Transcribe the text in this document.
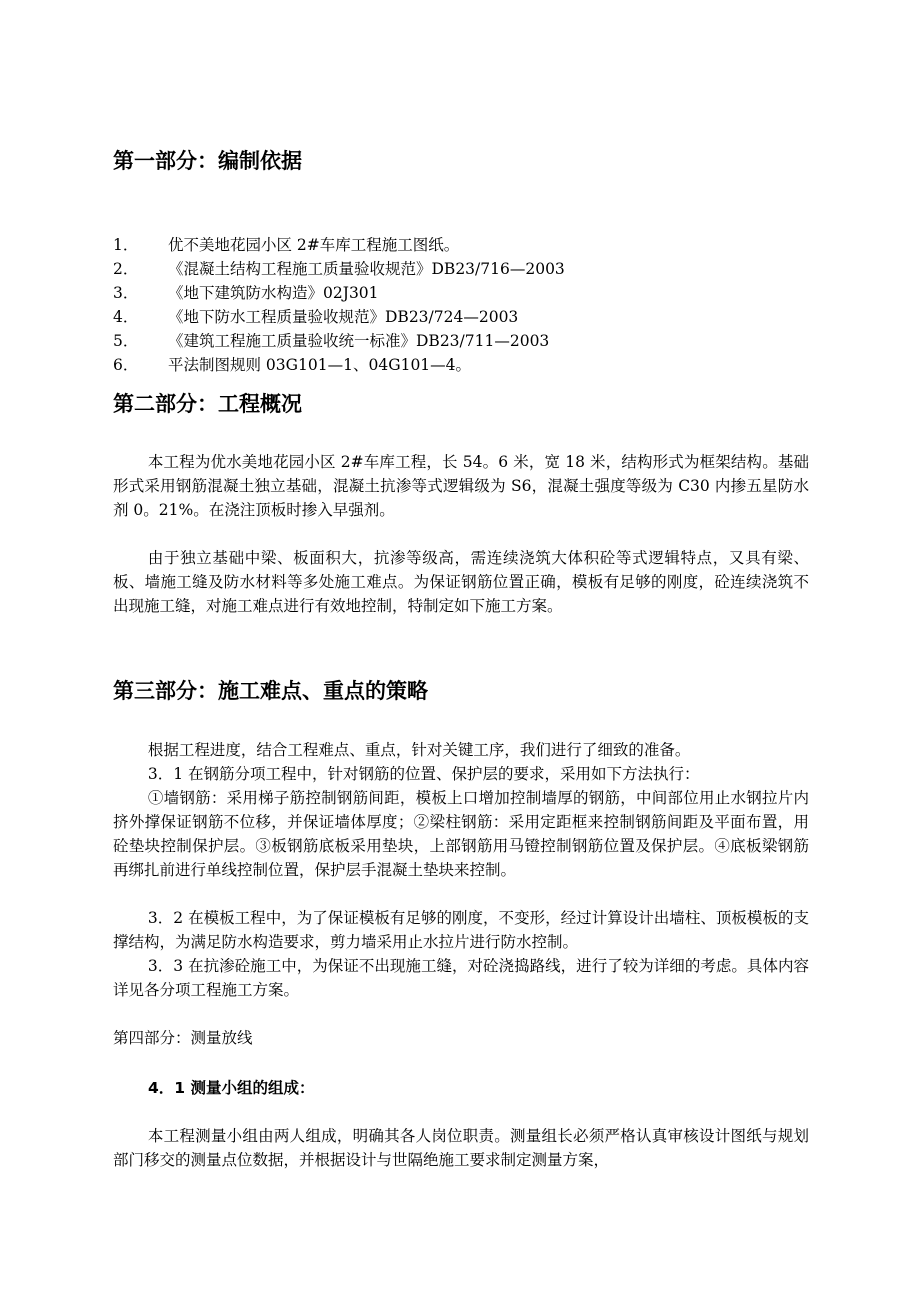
第一部分：编制依据
1． 优不美地花园小区 2#车库工程施工图纸。
2． 《混凝土结构工程施工质量验收规范》DB23/716—2003
3． 《地下建筑防水构造》02J301
4． 《地下防水工程质量验收规范》DB23/724—2003
5． 《建筑工程施工质量验收统一标准》DB23/711—2003
6． 平法制图规则 03G101—1、04G101—4。
第二部分：工程概况

本工程为优水美地花园小区 2#车库工程，长 54。6 米，宽 18 米，结构形式为框架结构。基础形式采用钢筋混凝土独立基础，混凝土抗渗等式逻辑级为 S6，混凝土强度等级为 C30 内掺五星防水剂 0。21%。在浇注顶板时掺入早强剂。

由于独立基础中梁、板面积大，抗渗等级高，需连续浇筑大体积砼等式逻辑特点，又具有梁、板、墙施工缝及防水材料等多处施工难点。为保证钢筋位置正确，模板有足够的刚度，砼连续浇筑不出现施工缝，对施工难点进行有效地控制，特制定如下施工方案。

第三部分：施工难点、重点的策略

根据工程进度，结合工程难点、重点，针对关键工序，我们进行了细致的准备。

3．1 在钢筋分项工程中，针对钢筋的位置、保护层的要求，采用如下方法执行：

①墙钢筋：采用梯子筋控制钢筋间距，模板上口增加控制墙厚的钢筋，中间部位用止水钢拉片内挤外撑保证钢筋不位移，并保证墙体厚度；②梁柱钢筋：采用定距框来控制钢筋间距及平面布置，用砼垫块控制保护层。③板钢筋底板采用垫块，上部钢筋用马镫控制钢筋位置及保护层。④底板梁钢筋再绑扎前进行单线控制位置，保护层手混凝土垫块来控制。

3．2 在模板工程中，为了保证模板有足够的刚度，不变形，经过计算设计出墙柱、顶板模板的支撑结构，为满足防水构造要求，剪力墙采用止水拉片进行防水控制。

3．3 在抗渗砼施工中，为保证不出现施工缝，对砼浇捣路线，进行了较为详细的考虑。具体内容详见各分项工程施工方案。

第四部分：测量放线
4．1 测量小组的组成：

本工程测量小组由两人组成，明确其各人岗位职责。测量组长必须严格认真审核设计图纸与规划部门移交的测量点位数据，并根据设计与世隔绝施工要求制定测量方案，
